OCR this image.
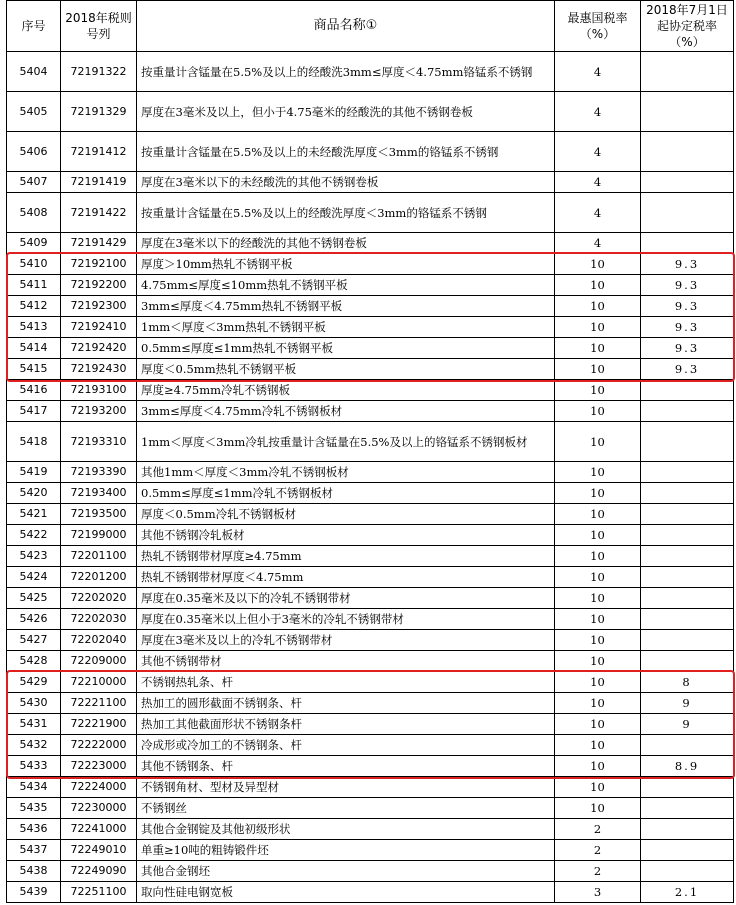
序号	2018年税则号列	商品名称①	最惠国税率（%）	2018年7月1日起协定税率（%）
5404	72191322	按重量计含锰量在5.5%及以上的经酸洗3mm≤厚度＜4.75mm铬锰系不锈钢	4	
5405	72191329	厚度在3毫米及以上，但小于4.75毫米的经酸洗的其他不锈钢卷板	4	
5406	72191412	按重量计含锰量在5.5%及以上的未经酸洗厚度＜3mm的铬锰系不锈钢	4	
5407	72191419	厚度在3毫米以下的未经酸洗的其他不锈钢卷板	4	
5408	72191422	按重量计含锰量在5.5%及以上的经酸洗厚度＜3mm的铬锰系不锈钢	4	
5409	72191429	厚度在3毫米以下的经酸洗的其他不锈钢卷板	4	
5410	72192100	厚度＞10mm热轧不锈钢平板	10	9.3
5411	72192200	4.75mm≤厚度≤10mm热轧不锈钢平板	10	9.3
5412	72192300	3mm≤厚度＜4.75mm热轧不锈钢平板	10	9.3
5413	72192410	1mm＜厚度＜3mm热轧不锈钢平板	10	9.3
5414	72192420	0.5mm≤厚度≤1mm热轧不锈钢平板	10	9.3
5415	72192430	厚度＜0.5mm热轧不锈钢平板	10	9.3
5416	72193100	厚度≥4.75mm冷轧不锈钢板	10	
5417	72193200	3mm≤厚度＜4.75mm冷轧不锈钢板材	10	
5418	72193310	1mm＜厚度＜3mm冷轧按重量计含锰量在5.5%及以上的铬锰系不锈钢板材	10	
5419	72193390	其他1mm＜厚度＜3mm冷轧不锈钢板材	10	
5420	72193400	0.5mm≤厚度≤1mm冷轧不锈钢板材	10	
5421	72193500	厚度＜0.5mm冷轧不锈钢板材	10	
5422	72199000	其他不锈钢冷轧板材	10	
5423	72201100	热轧不锈钢带材厚度≥4.75mm	10	
5424	72201200	热轧不锈钢带材厚度＜4.75mm	10	
5425	72202020	厚度在0.35毫米及以下的冷轧不锈钢带材	10	
5426	72202030	厚度在0.35毫米以上但小于3毫米的冷轧不锈钢带材	10	
5427	72202040	厚度在3毫米及以上的冷轧不锈钢带材	10	
5428	72209000	其他不锈钢带材	10	
5429	72210000	不锈钢热轧条、杆	10	8
5430	72221100	热加工的圆形截面不锈钢条、杆	10	9
5431	72221900	热加工其他截面形状不锈钢条杆	10	9
5432	72222000	冷成形或冷加工的不锈钢条、杆	10	
5433	72223000	其他不锈钢条、杆	10	8.9
5434	72224000	不锈钢角材、型材及异型材	10	
5435	72230000	不锈钢丝	10	
5436	72241000	其他合金钢锭及其他初级形状	2	
5437	72249010	单重≥10吨的粗铸锻件坯	2	
5438	72249090	其他合金钢坯	2	
5439	72251100	取向性硅电钢宽板	3	2.1
